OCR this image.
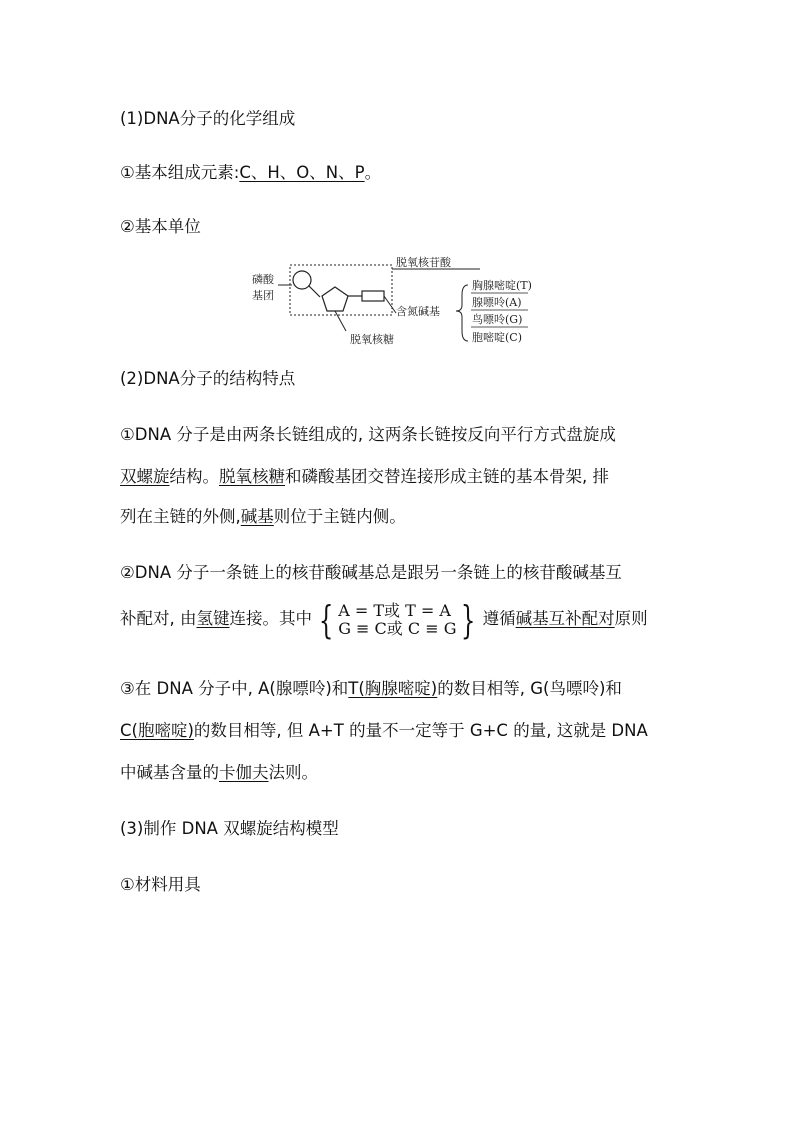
(1)DNA分子的化学组成
①基本组成元素:C、H、O、N、P。
②基本单位
磷酸
基团
脱氧核苷酸
含氮碱基
脱氧核糖
胸腺嘧啶(T)
腺嘌呤(A)
鸟嘌呤(G)
胞嘧啶(C)
(2)DNA分子的结构特点
①DNA 分子是由两条长链组成的, 这两条长链按反向平行方式盘旋成
双螺旋结构。脱氧核糖和磷酸基团交替连接形成主链的基本骨架, 排
列在主链的外侧,碱基则位于主链内侧。
②DNA 分子一条链上的核苷酸碱基总是跟另一条链上的核苷酸碱基互
补配对, 由氢键连接。其中 { A = T或 T = A
G ≡ C或 C ≡ G } 遵循碱基互补配对原则
③在 DNA 分子中, A(腺嘌呤)和T(胸腺嘧啶)的数目相等, G(鸟嘌呤)和
C(胞嘧啶)的数目相等, 但 A+T 的量不一定等于 G+C 的量, 这就是 DNA
中碱基含量的卡伽夫法则。
(3)制作 DNA 双螺旋结构模型
①材料用具
